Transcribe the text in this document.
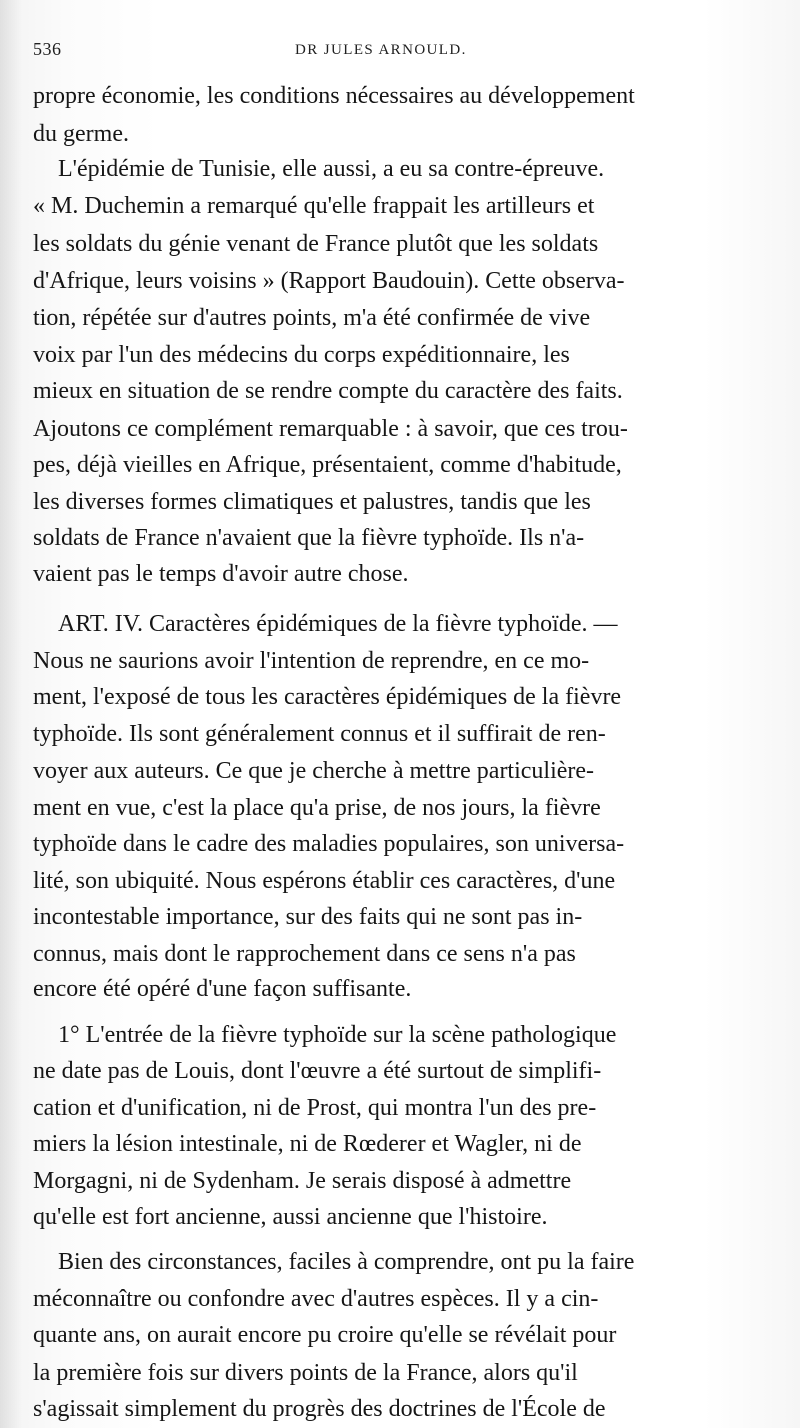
536	DR JULES ARNOULD.
propre économie, les conditions nécessaires au développement
du germe.
L'épidémie de Tunisie, elle aussi, a eu sa contre-épreuve.
« M. Duchemin a remarqué qu'elle frappait les artilleurs et
les soldats du génie venant de France plutôt que les soldats
d'Afrique, leurs voisins » (Rapport Baudouin). Cette observa-
tion, répétée sur d'autres points, m'a été confirmée de vive
voix par l'un des médecins du corps expéditionnaire, les
mieux en situation de se rendre compte du caractère des faits.
Ajoutons ce complément remarquable : à savoir, que ces trou-
pes, déjà vieilles en Afrique, présentaient, comme d'habitude,
les diverses formes climatiques et palustres, tandis que les
soldats de France n'avaient que la fièvre typhoïde. Ils n'a-
vaient pas le temps d'avoir autre chose.
ART. IV. Caractères épidémiques de la fièvre typhoïde. —
Nous ne saurions avoir l'intention de reprendre, en ce mo-
ment, l'exposé de tous les caractères épidémiques de la fièvre
typhoïde. Ils sont généralement connus et il suffirait de ren-
voyer aux auteurs. Ce que je cherche à mettre particulière-
ment en vue, c'est la place qu'a prise, de nos jours, la fièvre
typhoïde dans le cadre des maladies populaires, son universa-
lité, son ubiquité. Nous espérons établir ces caractères, d'une
incontestable importance, sur des faits qui ne sont pas in-
connus, mais dont le rapprochement dans ce sens n'a pas
encore été opéré d'une façon suffisante.
1° L'entrée de la fièvre typhoïde sur la scène pathologique
ne date pas de Louis, dont l'œuvre a été surtout de simplifi-
cation et d'unification, ni de Prost, qui montra l'un des pre-
miers la lésion intestinale, ni de Rœderer et Wagler, ni de
Morgagni, ni de Sydenham. Je serais disposé à admettre
qu'elle est fort ancienne, aussi ancienne que l'histoire.
Bien des circonstances, faciles à comprendre, ont pu la faire
méconnaître ou confondre avec d'autres espèces. Il y a cin-
quante ans, on aurait encore pu croire qu'elle se révélait pour
la première fois sur divers points de la France, alors qu'il
s'agissait simplement du progrès des doctrines de l'École de
